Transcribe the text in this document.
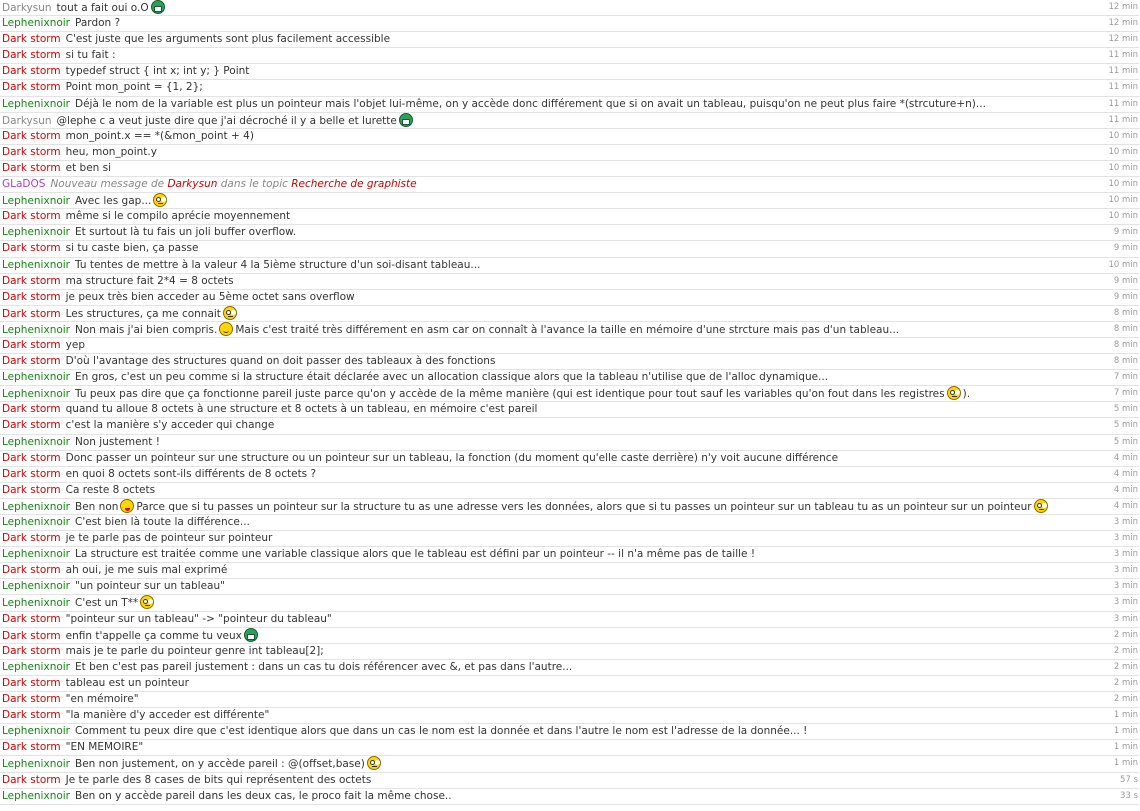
Darkysun tout a fait oui o.O	12 min
Lephenixnoir Pardon ?	12 min
Dark storm C'est juste que les arguments sont plus facilement accessible	12 min
Dark storm si tu fait :	11 min
Dark storm typedef struct { int x; int y; } Point	11 min
Dark storm Point mon_point = {1, 2};	11 min
Lephenixnoir Déjà le nom de la variable est plus un pointeur mais l'objet lui-même, on y accède donc différement que si on avait un tableau, puisqu'on ne peut plus faire *(strcuture+n)...	11 min
Darkysun @lephe c a veut juste dire que j'ai décroché il y a belle et lurette	11 min
Dark storm mon_point.x == *(&mon_point + 4)	10 min
Dark storm heu, mon_point.y	10 min
Dark storm et ben si	10 min
GLaDOS Nouveau message de Darkysun dans le topic Recherche de graphiste	10 min
Lephenixnoir Avec les gap...	10 min
Dark storm même si le compilo aprécie moyennement	10 min
Lephenixnoir Et surtout là tu fais un joli buffer overflow.	9 min
Dark storm si tu caste bien, ça passe	9 min
Lephenixnoir Tu tentes de mettre à la valeur 4 la 5ième structure d'un soi-disant tableau...	10 min
Dark storm ma structure fait 2*4 = 8 octets	9 min
Dark storm je peux très bien acceder au 5ème octet sans overflow	9 min
Dark storm Les structures, ça me connait	8 min
Lephenixnoir Non mais j'ai bien compris. Mais c'est traité très différement en asm car on connaît à l'avance la taille en mémoire d'une strcture mais pas d'un tableau...	8 min
Dark storm yep	8 min
Dark storm D'où l'avantage des structures quand on doit passer des tableaux à des fonctions	8 min
Lephenixnoir En gros, c'est un peu comme si la structure était déclarée avec un allocation classique alors que la tableau n'utilise que de l'alloc dynamique...	7 min
Lephenixnoir Tu peux pas dire que ça fonctionne pareil juste parce qu'on y accède de la même manière (qui est identique pour tout sauf les variables qu'on fout dans les registres ).	7 min
Dark storm quand tu alloue 8 octets à une structure et 8 octets à un tableau, en mémoire c'est pareil	5 min
Dark storm c'est la manière s'y acceder qui change	5 min
Lephenixnoir Non justement !	5 min
Dark storm Donc passer un pointeur sur une structure ou un pointeur sur un tableau, la fonction (du moment qu'elle caste derrière) n'y voit aucune différence	4 min
Dark storm en quoi 8 octets sont-ils différents de 8 octets ?	4 min
Dark storm Ca reste 8 octets	4 min
Lephenixnoir Ben non Parce que si tu passes un pointeur sur la structure tu as une adresse vers les données, alors que si tu passes un pointeur sur un tableau tu as un pointeur sur un pointeur	4 min
Lephenixnoir C'est bien là toute la différence...	3 min
Dark storm je te parle pas de pointeur sur pointeur	3 min
Lephenixnoir La structure est traitée comme une variable classique alors que le tableau est défini par un pointeur -- il n'a même pas de taille !	3 min
Dark storm ah oui, je me suis mal exprimé	3 min
Lephenixnoir "un pointeur sur un tableau"	3 min
Lephenixnoir C'est un T**	3 min
Dark storm "pointeur sur un tableau" -> "pointeur du tableau"	3 min
Dark storm enfin t'appelle ça comme tu veux	2 min
Dark storm mais je te parle du pointeur genre int tableau[2];	2 min
Lephenixnoir Et ben c'est pas pareil justement : dans un cas tu dois référencer avec &, et pas dans l'autre...	2 min
Dark storm tableau est un pointeur	2 min
Dark storm "en mémoire"	2 min
Dark storm "la manière d'y acceder est différente"	1 min
Lephenixnoir Comment tu peux dire que c'est identique alors que dans un cas le nom est la donnée et dans l'autre le nom est l'adresse de la donnée... !	1 min
Dark storm "EN MEMOIRE"	1 min
Lephenixnoir Ben non justement, on y accède pareil : @(offset,base)	1 min
Dark storm Je te parle des 8 cases de bits qui représentent des octets	57 s
Lephenixnoir Ben on y accède pareil dans les deux cas, le proco fait la même chose..	33 s
